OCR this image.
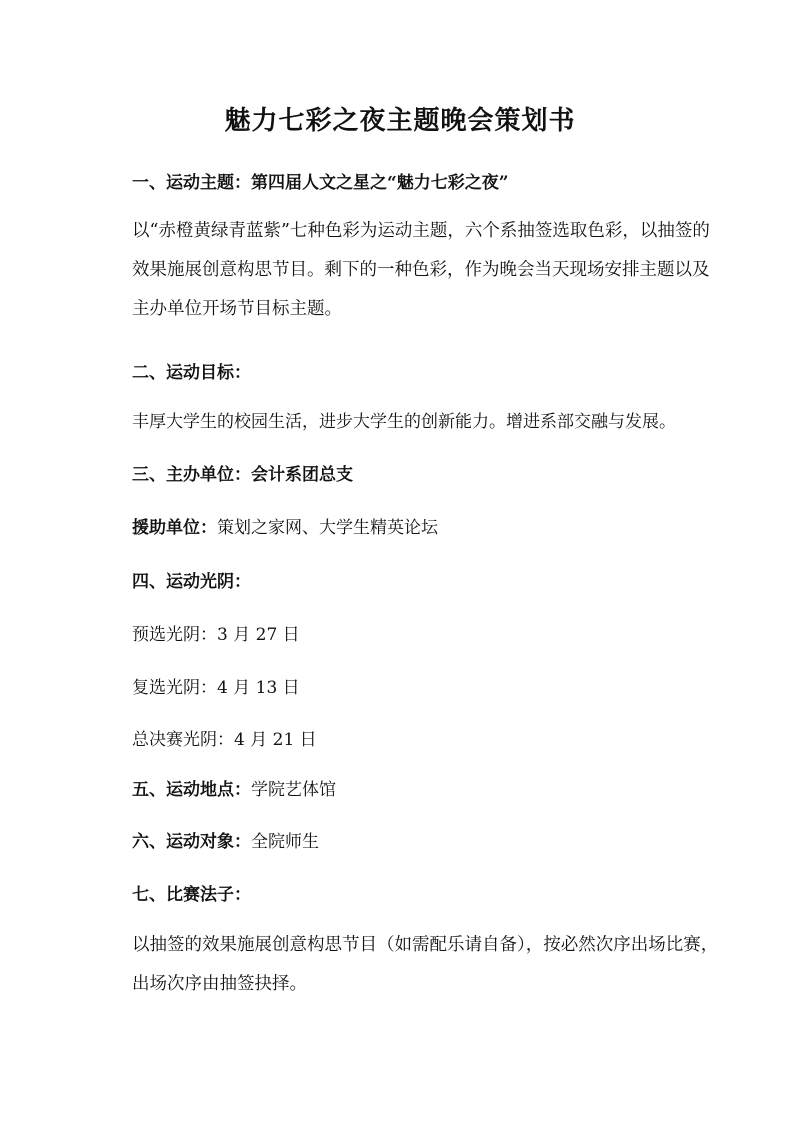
魅力七彩之夜主题晚会策划书
一、运动主题：第四届人文之星之“魅力七彩之夜”
以“赤橙黄绿青蓝紫”七种色彩为运动主题，六个系抽签选取色彩，以抽签的效果施展创意构思节目。剩下的一种色彩，作为晚会当天现场安排主题以及主办单位开场节目标主题。
二、运动目标：
丰厚大学生的校园生活，进步大学生的创新能力。增进系部交融与发展。
三、主办单位：会计系团总支
援助单位：策划之家网、大学生精英论坛
四、运动光阴：
预选光阴：3 月 27 日
复选光阴：4 月 13 日
总决赛光阴：4 月 21 日
五、运动地点：学院艺体馆
六、运动对象：全院师生
七、比赛法子：
以抽签的效果施展创意构思节目（如需配乐请自备），按必然次序出场比赛，出场次序由抽签抉择。
